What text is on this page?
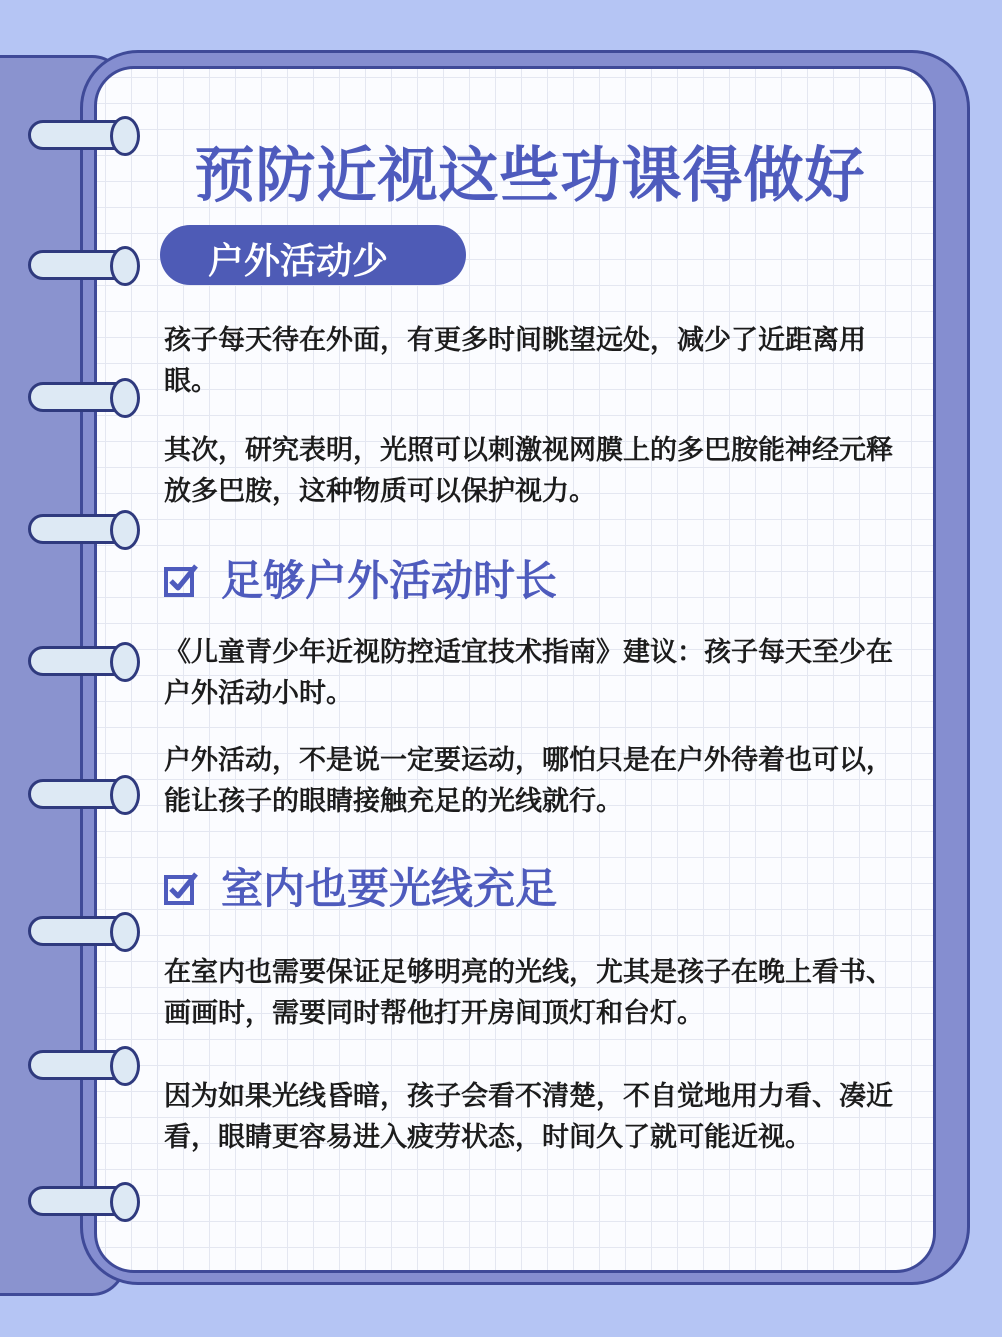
预防近视这些功课得做好
户外活动少

孩子每天待在外面，有更多时间眺望远处，减少了近距离用眼。

其次，研究表明，光照可以刺激视网膜上的多巴胺能神经元释放多巴胺，这种物质可以保护视力。

足够户外活动时长

《儿童青少年近视防控适宜技术指南》建议：孩子每天至少在户外活动小时。

户外活动，不是说一定要运动，哪怕只是在户外待着也可以，能让孩子的眼睛接触充足的光线就行。

室内也要光线充足

在室内也需要保证足够明亮的光线，尤其是孩子在晚上看书、画画时，需要同时帮他打开房间顶灯和台灯。

因为如果光线昏暗，孩子会看不清楚，不自觉地用力看、凑近看，眼睛更容易进入疲劳状态，时间久了就可能近视。
